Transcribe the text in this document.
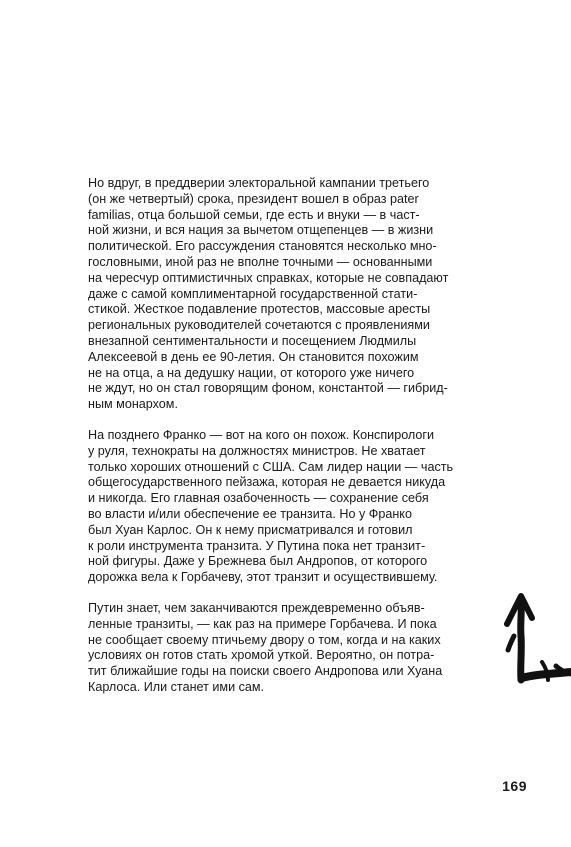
Но вдруг, в преддверии электоральной кампании третьего
(он же четвертый) срока, президент вошел в образ pater
familias, отца большой семьи, где есть и внуки — в част-
ной жизни, и вся нация за вычетом отщепенцев — в жизни
политической. Его рассуждения становятся несколько мно-
гословными, иной раз не вполне точными — основанными
на чересчур оптимистичных справках, которые не совпадают
даже с самой комплиментарной государственной стати-
стикой. Жесткое подавление протестов, массовые аресты
региональных руководителей сочетаются с проявлениями
внезапной сентиментальности и посещением Людмилы
Алексеевой в день ее 90-летия. Он становится похожим
не на отца, а на дедушку нации, от которого уже ничего
не ждут, но он стал говорящим фоном, константой — гибрид-
ным монархом.
На позднего Франко — вот на кого он похож. Конспирологи
у руля, технократы на должностях министров. Не хватает
только хороших отношений с США. Сам лидер нации — часть
общегосударственного пейзажа, которая не девается никуда
и никогда. Его главная озабоченность — сохранение себя
во власти и/или обеспечение ее транзита. Но у Франко
был Хуан Карлос. Он к нему присматривался и готовил
к роли инструмента транзита. У Путина пока нет транзит-
ной фигуры. Даже у Брежнева был Андропов, от которого
дорожка вела к Горбачеву, этот транзит и осуществившему.
Путин знает, чем заканчиваются преждевременно объяв-
ленные транзиты, — как раз на примере Горбачева. И пока
не сообщает своему птичьему двору о том, когда и на каких
условиях он готов стать хромой уткой. Вероятно, он потра-
тит ближайшие годы на поиски своего Андропова или Хуана
Карлоса. Или станет ими сам.
169
